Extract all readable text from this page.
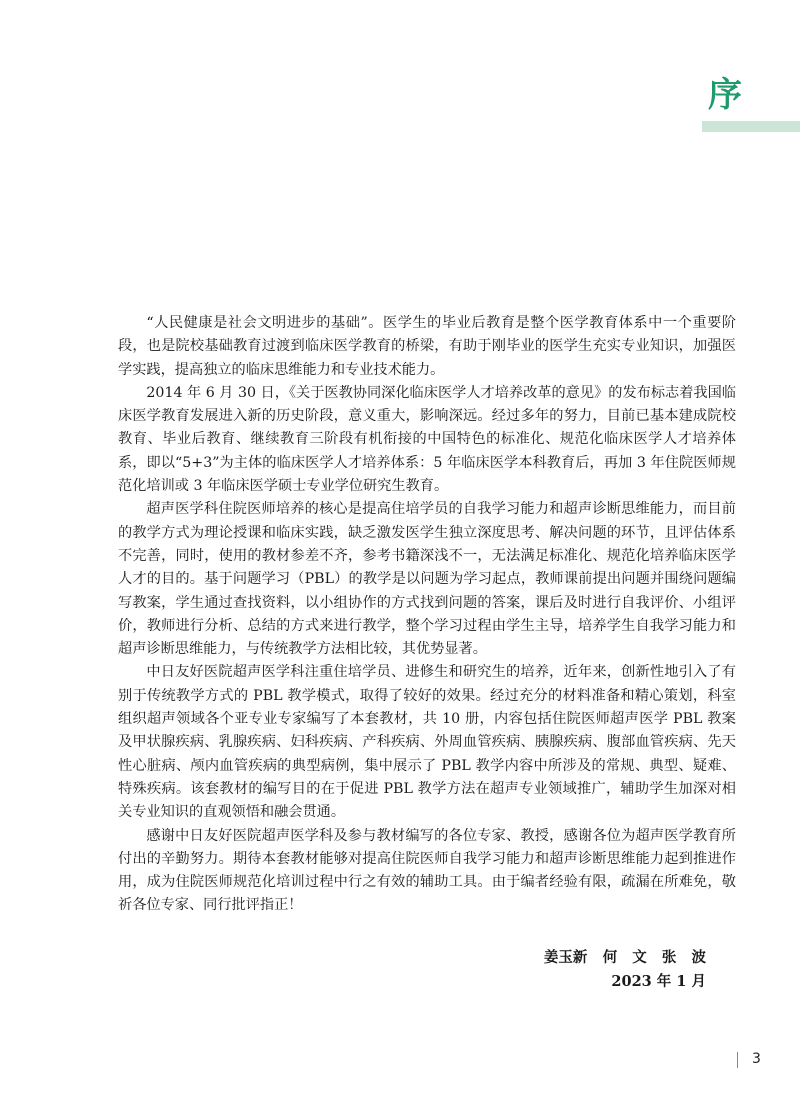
序

“人民健康是社会文明进步的基础”。医学生的毕业后教育是整个医学教育体系中一个重要阶段，也是院校基础教育过渡到临床医学教育的桥梁，有助于刚毕业的医学生充实专业知识，加强医学实践，提高独立的临床思维能力和专业技术能力。

2014 年 6 月 30 日，《关于医教协同深化临床医学人才培养改革的意见》的发布标志着我国临床医学教育发展进入新的历史阶段，意义重大，影响深远。经过多年的努力，目前已基本建成院校教育、毕业后教育、继续教育三阶段有机衔接的中国特色的标准化、规范化临床医学人才培养体系，即以“5+3”为主体的临床医学人才培养体系：5 年临床医学本科教育后，再加 3 年住院医师规范化培训或 3 年临床医学硕士专业学位研究生教育。

超声医学科住院医师培养的核心是提高住培学员的自我学习能力和超声诊断思维能力，而目前的教学方式为理论授课和临床实践，缺乏激发医学生独立深度思考、解决问题的环节，且评估体系不完善，同时，使用的教材参差不齐，参考书籍深浅不一，无法满足标准化、规范化培养临床医学人才的目的。基于问题学习（PBL）的教学是以问题为学习起点，教师课前提出问题并围绕问题编写教案，学生通过查找资料，以小组协作的方式找到问题的答案，课后及时进行自我评价、小组评价，教师进行分析、总结的方式来进行教学，整个学习过程由学生主导，培养学生自我学习能力和超声诊断思维能力，与传统教学方法相比较，其优势显著。

中日友好医院超声医学科注重住培学员、进修生和研究生的培养，近年来，创新性地引入了有别于传统教学方式的 PBL 教学模式，取得了较好的效果。经过充分的材料准备和精心策划，科室组织超声领域各个亚专业专家编写了本套教材，共 10 册，内容包括住院医师超声医学 PBL 教案及甲状腺疾病、乳腺疾病、妇科疾病、产科疾病、外周血管疾病、胰腺疾病、腹部血管疾病、先天性心脏病、颅内血管疾病的典型病例，集中展示了 PBL 教学内容中所涉及的常规、典型、疑难、特殊疾病。该套教材的编写目的在于促进 PBL 教学方法在超声专业领域推广，辅助学生加深对相关专业知识的直观领悟和融会贯通。

感谢中日友好医院超声医学科及参与教材编写的各位专家、教授，感谢各位为超声医学教育所付出的辛勤努力。期待本套教材能够对提高住院医师自我学习能力和超声诊断思维能力起到推进作用，成为住院医师规范化培训过程中行之有效的辅助工具。由于编者经验有限，疏漏在所难免，敬祈各位专家、同行批评指正！

姜玉新   何   文   张   波
2023 年 1 月
3
